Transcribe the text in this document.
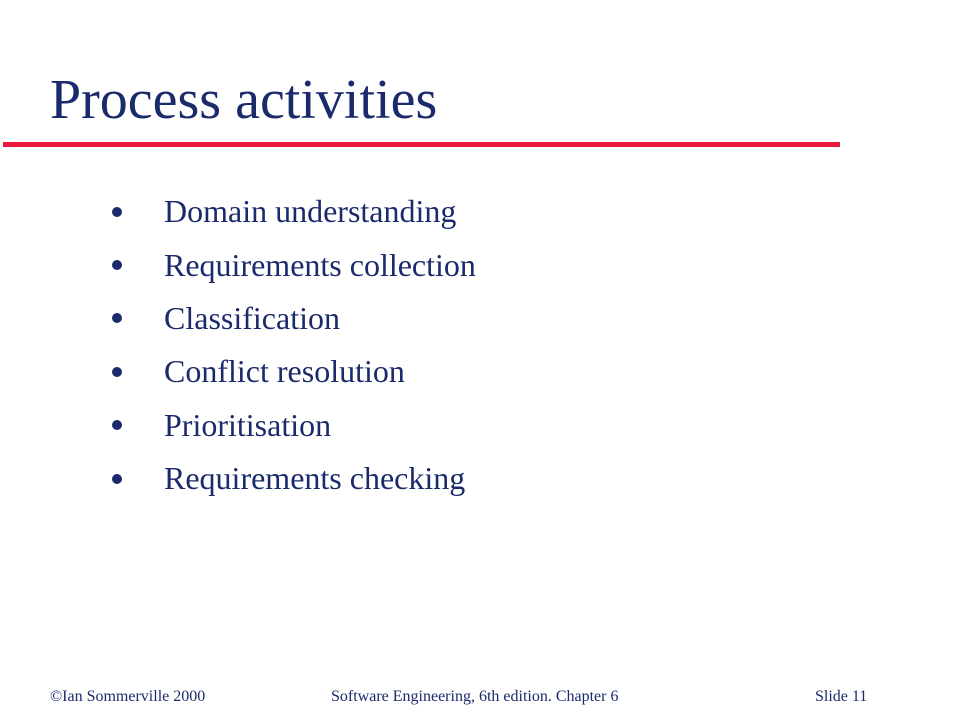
Process activities
Domain understanding
Requirements collection
Classification
Conflict resolution
Prioritisation
Requirements checking
©Ian Sommerville 2000	Software Engineering, 6th edition. Chapter 6	Slide 11
